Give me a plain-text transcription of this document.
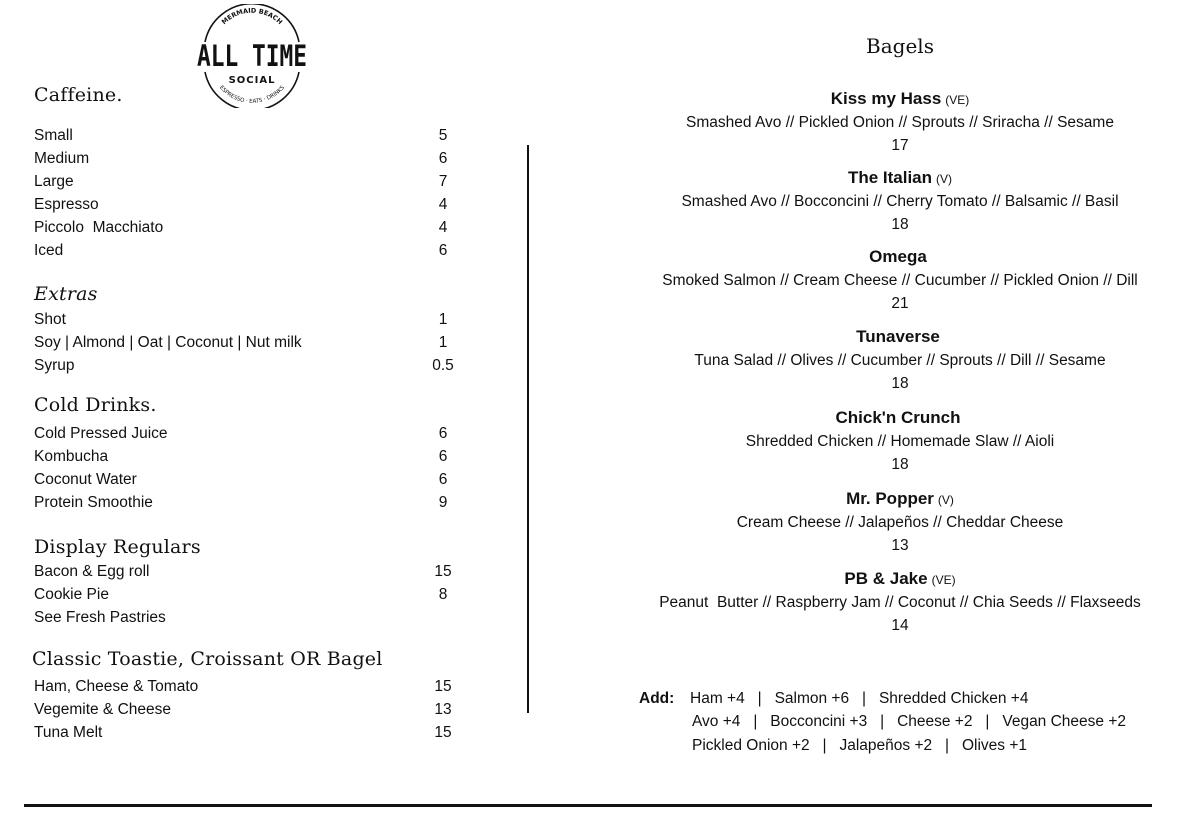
MERMAID BEACH
ALL TIME
SOCIAL
ESPRESSO · EATS · DRINKS
Caffeine.
Small	5
Medium	6
Large	7
Espresso	4
Piccolo  Macchiato	4
Iced	6
Extras
Shot	1
Soy | Almond | Oat | Coconut | Nut milk	1
Syrup	0.5
Cold Drinks.
Cold Pressed Juice	6
Kombucha	6
Coconut Water	6
Protein Smoothie	9
Display Regulars
Bacon & Egg roll	15
Cookie Pie	8
See Fresh Pastries
Classic Toastie, Croissant OR Bagel
Ham, Cheese & Tomato	15
Vegemite & Cheese	13
Tuna Melt	15
Bagels
Kiss my Hass (VE)
Smashed Avo // Pickled Onion // Sprouts // Sriracha // Sesame
17
The Italian (V)
Smashed Avo // Bocconcini // Cherry Tomato // Balsamic // Basil
18
Omega
Smoked Salmon // Cream Cheese // Cucumber // Pickled Onion // Dill
21
Tunaverse
Tuna Salad // Olives // Cucumber // Sprouts // Dill // Sesame
18
Chick'n Crunch
Shredded Chicken // Homemade Slaw // Aioli
18
Mr. Popper (V)
Cream Cheese // Jalapeños // Cheddar Cheese
13
PB & Jake (VE)
Peanut  Butter // Raspberry Jam // Coconut // Chia Seeds // Flaxseeds
14
Add: Ham +4   |   Salmon +6   |   Shredded Chicken +4
Avo +4   |   Bocconcini +3   |   Cheese +2   |   Vegan Cheese +2
Pickled Onion +2   |   Jalapeños +2   |   Olives +1
